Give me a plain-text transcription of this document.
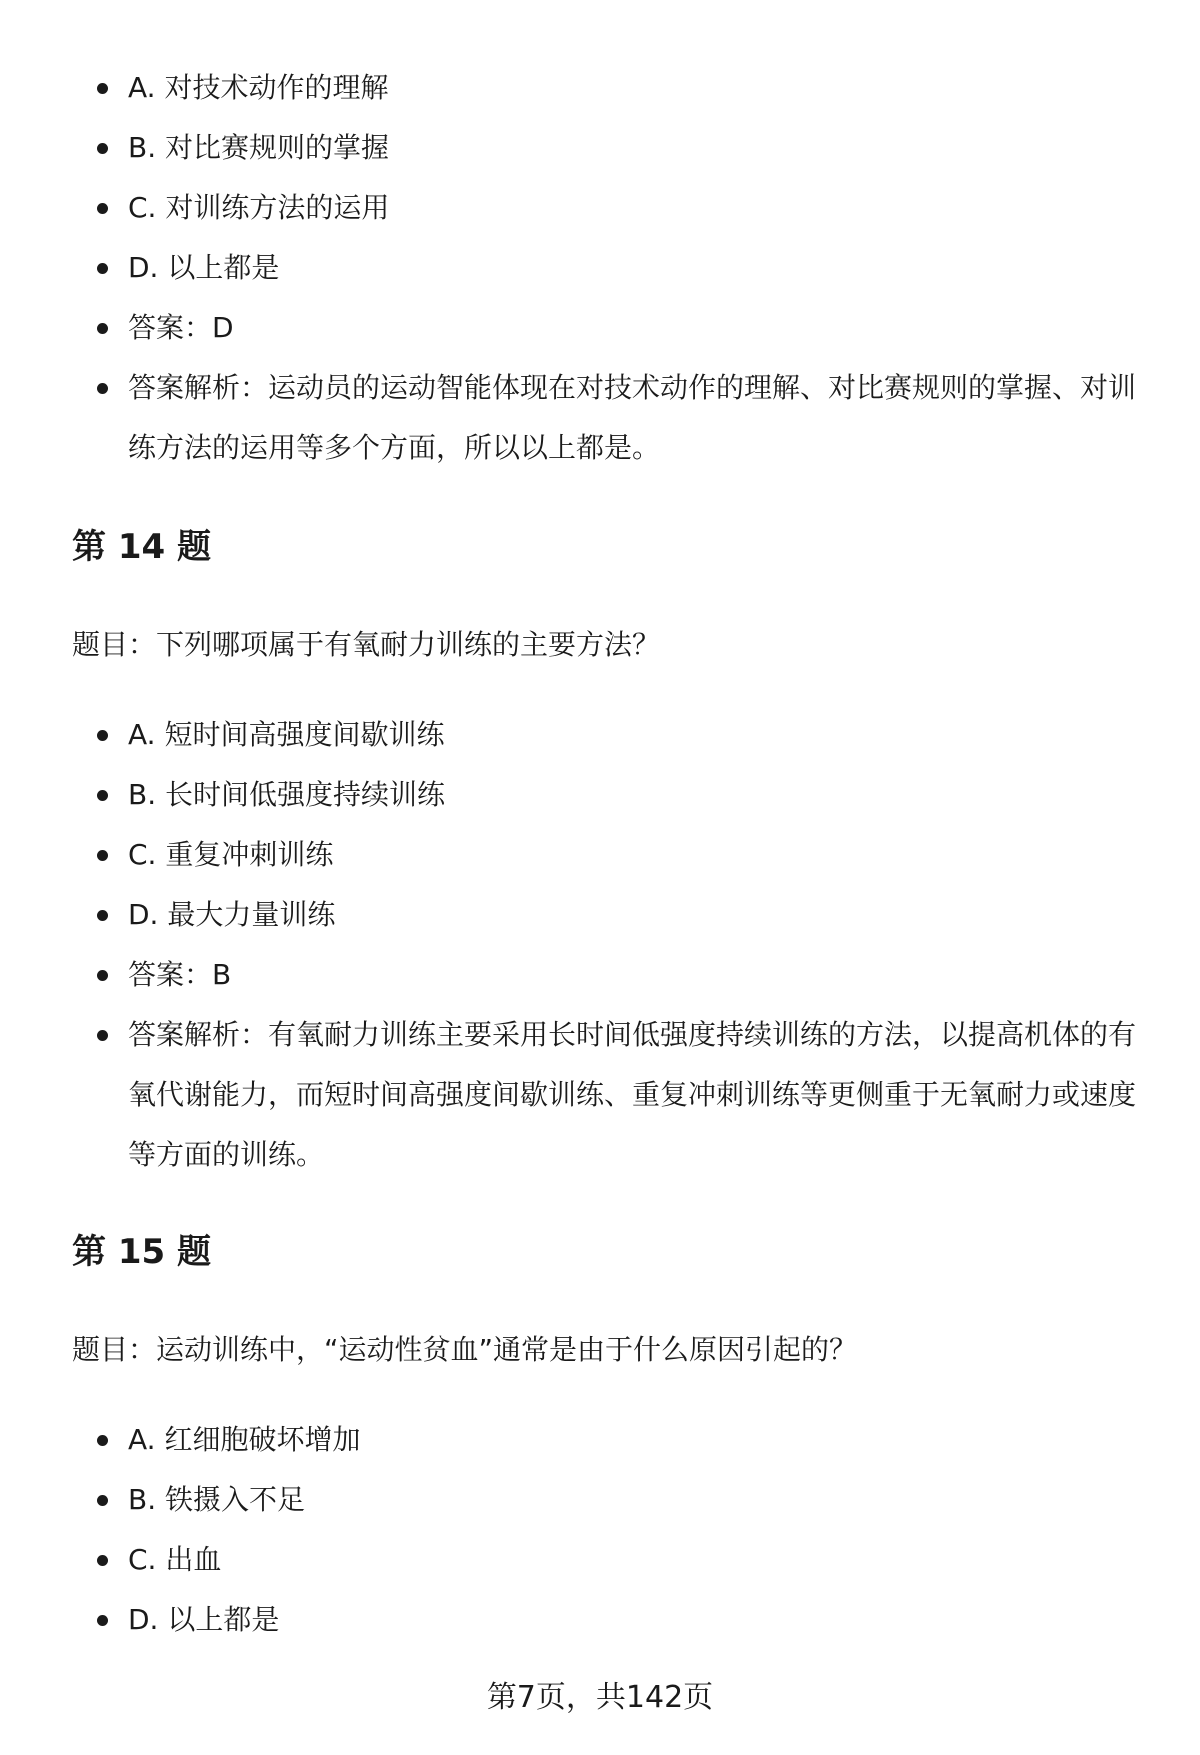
A. 对技术动作的理解
B. 对比赛规则的掌握
C. 对训练方法的运用
D. 以上都是
答案：D
答案解析：运动员的运动智能体现在对技术动作的理解、对比赛规则的掌握、对训练方法的运用等多个方面，所以以上都是。
第 14 题

题目：下列哪项属于有氧耐力训练的主要方法？

A. 短时间高强度间歇训练
B. 长时间低强度持续训练
C. 重复冲刺训练
D. 最大力量训练
答案：B
答案解析：有氧耐力训练主要采用长时间低强度持续训练的方法，以提高机体的有氧代谢能力，而短时间高强度间歇训练、重复冲刺训练等更侧重于无氧耐力或速度等方面的训练。
第 15 题

题目：运动训练中，“运动性贫血”通常是由于什么原因引起的？

A. 红细胞破坏增加
B. 铁摄入不足
C. 出血
D. 以上都是
第7页，共142页
